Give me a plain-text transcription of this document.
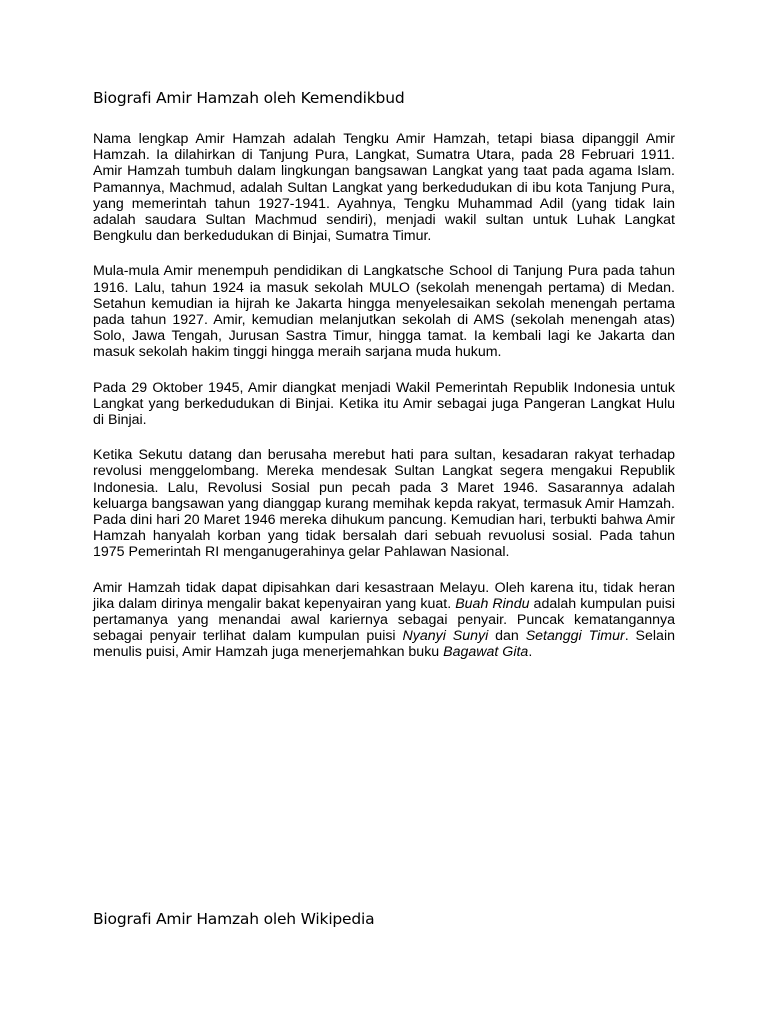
Biografi Amir Hamzah oleh Kemendikbud

Nama lengkap Amir Hamzah adalah Tengku Amir Hamzah, tetapi biasa dipanggil Amir Hamzah. Ia dilahirkan di Tanjung Pura, Langkat, Sumatra Utara, pada 28 Februari 1911. Amir Hamzah tumbuh dalam lingkungan bangsawan Langkat yang taat pada agama Islam. Pamannya, Machmud, adalah Sultan Langkat yang berkedudukan di ibu kota Tanjung Pura, yang memerintah tahun 1927-1941. Ayahnya, Tengku Muhammad Adil (yang tidak lain adalah saudara Sultan Machmud sendiri), menjadi wakil sultan untuk Luhak Langkat Bengkulu dan berkedudukan di Binjai, Sumatra Timur.

Mula-mula Amir menempuh pendidikan di Langkatsche School di Tanjung Pura pada tahun 1916. Lalu, tahun 1924 ia masuk sekolah MULO (sekolah menengah pertama) di Medan. Setahun kemudian ia hijrah ke Jakarta hingga menyelesaikan sekolah menengah pertama pada tahun 1927. Amir, kemudian melanjutkan sekolah di AMS (sekolah menengah atas) Solo, Jawa Tengah, Jurusan Sastra Timur, hingga tamat. Ia kembali lagi ke Jakarta dan masuk sekolah hakim tinggi hingga meraih sarjana muda hukum.

Pada 29 Oktober 1945, Amir diangkat menjadi Wakil Pemerintah Republik Indonesia untuk Langkat yang berkedudukan di Binjai. Ketika itu Amir sebagai juga Pangeran Langkat Hulu di Binjai.

Ketika Sekutu datang dan berusaha merebut hati para sultan, kesadaran rakyat terhadap revolusi menggelombang. Mereka mendesak Sultan Langkat segera mengakui Republik Indonesia. Lalu, Revolusi Sosial pun pecah pada 3 Maret 1946. Sasarannya adalah keluarga bangsawan yang dianggap kurang memihak kepda rakyat, termasuk Amir Hamzah. Pada dini hari 20 Maret 1946 mereka dihukum pancung. Kemudian hari, terbukti bahwa Amir Hamzah hanyalah korban yang tidak bersalah dari sebuah revuolusi sosial. Pada tahun 1975 Pemerintah RI menganugerahinya gelar Pahlawan Nasional.

Amir Hamzah tidak dapat dipisahkan dari kesastraan Melayu. Oleh karena itu, tidak heran jika dalam dirinya mengalir bakat kepenyairan yang kuat. Buah Rindu adalah kumpulan puisi pertamanya yang menandai awal kariernya sebagai penyair. Puncak kematangannya sebagai penyair terlihat dalam kumpulan puisi Nyanyi Sunyi dan Setanggi Timur. Selain menulis puisi, Amir Hamzah juga menerjemahkan buku Bagawat Gita.

Biografi Amir Hamzah oleh Wikipedia
